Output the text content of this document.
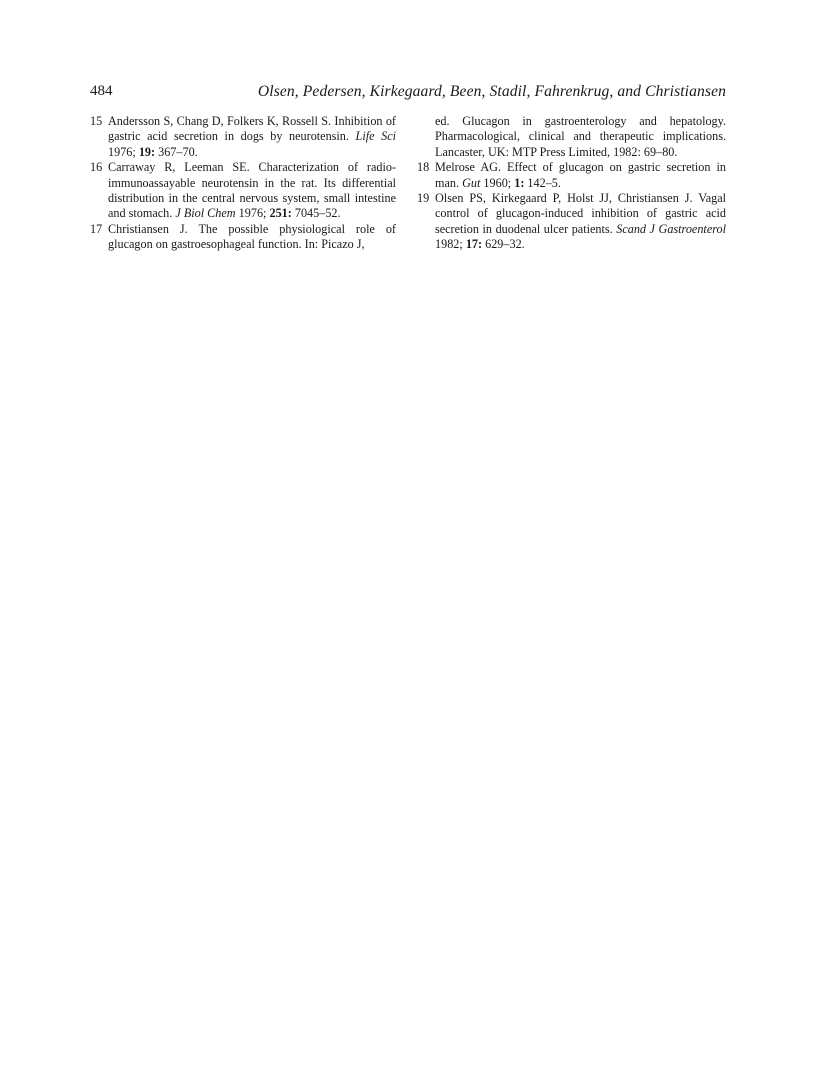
484	Olsen, Pedersen, Kirkegaard, Been, Stadil, Fahrenkrug, and Christiansen
15 Andersson S, Chang D, Folkers K, Rossell S. Inhibition of gastric acid secretion in dogs by neurotensin. Life Sci 1976; 19: 367–70.
16 Carraway R, Leeman SE. Characterization of radio-immunoassayable neurotensin in the rat. Its differential distribution in the central nervous system, small intestine and stomach. J Biol Chem 1976; 251: 7045–52.
17 Christiansen J. The possible physiological role of glucagon on gastroesophageal function. In: Picazo J,
ed. Glucagon in gastroenterology and hepatology. Pharmacological, clinical and therapeutic implications. Lancaster, UK: MTP Press Limited, 1982: 69–80.
18 Melrose AG. Effect of glucagon on gastric secretion in man. Gut 1960; 1: 142–5.
19 Olsen PS, Kirkegaard P, Holst JJ, Christiansen J. Vagal control of glucagon-induced inhibition of gastric acid secretion in duodenal ulcer patients. Scand J Gastroenterol 1982; 17: 629–32.
